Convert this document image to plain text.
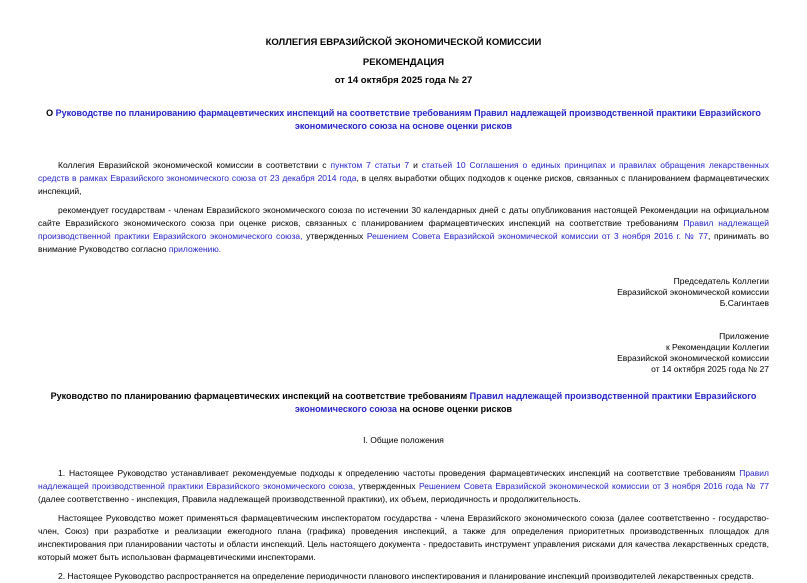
КОЛЛЕГИЯ ЕВРАЗИЙСКОЙ ЭКОНОМИЧЕСКОЙ КОМИССИИ
РЕКОМЕНДАЦИЯ
от 14 октября 2025 года № 27
О Руководстве по планированию фармацевтических инспекций на соответствие требованиям Правил надлежащей производственной практики Евразийского экономического союза на основе оценки рисков

Коллегия Евразийской экономической комиссии в соответствии с пунктом 7 статьи 7 и статьей 10 Соглашения о единых принципах и правилах обращения лекарственных средств в рамках Евразийского экономического союза от 23 декабря 2014 года, в целях выработки общих подходов к оценке рисков, связанных с планированием фармацевтических инспекций,

рекомендует государствам - членам Евразийского экономического союза по истечении 30 календарных дней с даты опубликования настоящей Рекомендации на официальном сайте Евразийского экономического союза при оценке рисков, связанных с планированием фармацевтических инспекций на соответствие требованиям Правил надлежащей производственной практики Евразийского экономического союза, утвержденных Решением Совета Евразийской экономической комиссии от 3 ноября 2016 г. № 77, принимать во внимание Руководство согласно приложению.

Председатель Коллегии
Евразийской экономической комиссии
Б.Сагинтаев
Приложение
к Рекомендации Коллегии
Евразийской экономической комиссии
от 14 октября 2025 года № 27
Руководство по планированию фармацевтических инспекций на соответствие требованиям Правил надлежащей производственной практики Евразийского экономического союза на основе оценки рисков
I. Общие положения

1. Настоящее Руководство устанавливает рекомендуемые подходы к определению частоты проведения фармацевтических инспекций на соответствие требованиям Правил надлежащей производственной практики Евразийского экономического союза, утвержденных Решением Совета Евразийской экономической комиссии от 3 ноября 2016 года № 77 (далее соответственно - инспекция, Правила надлежащей производственной практики), их объем, периодичность и продолжительность.

Настоящее Руководство может применяться фармацевтическим инспекторатом государства - члена Евразийского экономического союза (далее соответственно - государство-член, Союз) при разработке и реализации ежегодного плана (графика) проведения инспекций, а также для определения приоритетных производственных площадок для инспектирования при планировании частоты и области инспекций. Цель настоящего документа - предоставить инструмент управления рисками для качества лекарственных средств, который может быть использован фармацевтическими инспекторами.

2. Настоящее Руководство распространяется на определение периодичности планового инспектирования и планирование инспекций производителей лекарственных средств.
